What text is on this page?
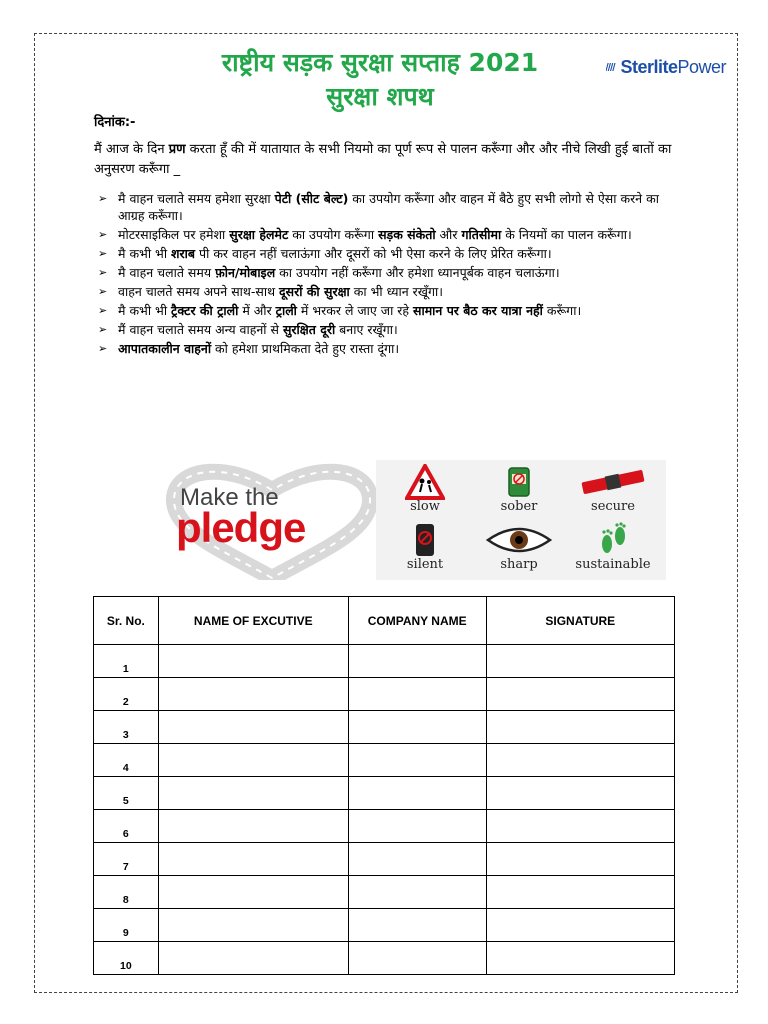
राष्ट्रीय सड़क सुरक्षा सप्ताह 2021
सुरक्षा शपथ
SterlitePower
दिनांक:-
मैं आज के दिन प्रण करता हूँ की में यातायात के सभी नियमो का पूर्ण रूप से पालन करूँगा और और नीचे लिखी हुई बातों का अनुसरण करूँगा _
➢ मै वाहन चलाते समय हमेशा सुरक्षा पेटी (सीट बेल्ट) का उपयोग करूँगा और वाहन में बैठे हुए सभी लोगो से ऐसा करने का आग्रह करूँगा।
➢ मोटरसाइकिल पर हमेशा सुरक्षा हेलमेट का उपयोग करूँगा सड़क संकेतो और गतिसीमा के नियमों का पालन करूँगा।
➢ मै कभी भी शराब पी कर वाहन नहीं चलाऊंगा और दूसरों को भी ऐसा करने के लिए प्रेरित करूँगा।
➢ मै वाहन चलाते समय फ़ोन/मोबाइल का उपयोग नहीं करूँगा और हमेशा ध्यानपूर्बक वाहन चलाऊंगा।
➢ वाहन चालते समय अपने साथ-साथ दूसरों की सुरक्षा का भी ध्यान रखूँगा।
➢ मै कभी भी ट्रैक्टर की ट्राली में और ट्राली में भरकर ले जाए जा रहे सामान पर बैठ कर यात्रा नहीं करूँगा।
➢ मैं वाहन चलाते समय अन्य वाहनों से सुरक्षित दूरी बनाए रखूँगा।
➢ आपातकालीन वाहनों को हमेशा प्राथमिकता देते हुए रास्ता दूंगा।
Make the
pledge	slow	sober	secure
silent	sharp	sustainable
Sr. No.	NAME OF EXCUTIVE	COMPANY NAME	SIGNATURE
1			
2			
3			
4			
5			
6			
7			
8			
9			
10			
